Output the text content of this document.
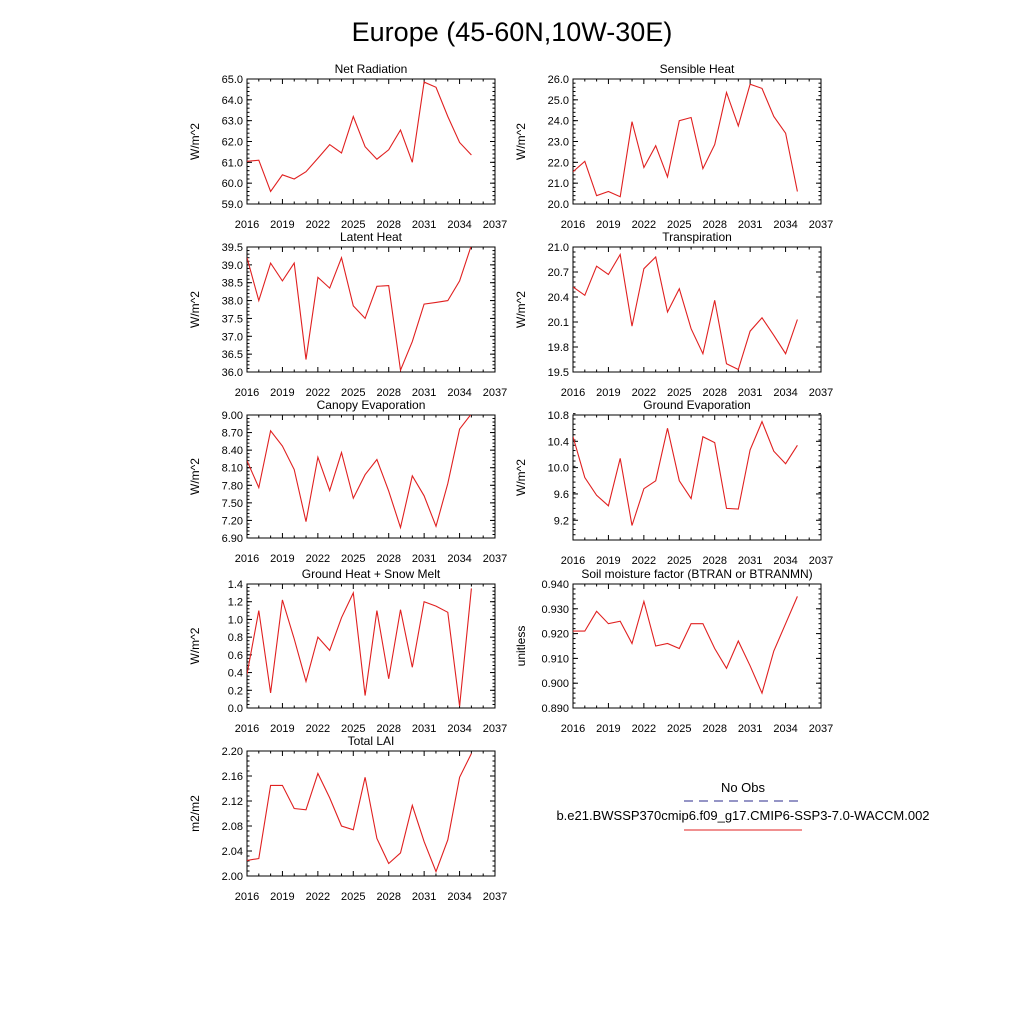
Europe (45-60N,10W-30E)
Net Radiation
2016 2019 2022 2025 2028 2031 2034 2037
59.0
60.0
61.0
62.0
63.0
64.0
65.0
W/m^2
Sensible Heat
2016 2019 2022 2025 2028 2031 2034 2037
20.0
21.0
22.0
23.0
24.0
25.0
26.0
W/m^2
Latent Heat
2016 2019 2022 2025 2028 2031 2034 2037
36.0
36.5
37.0
37.5
38.0
38.5
39.0
39.5
W/m^2
Transpiration
2016 2019 2022 2025 2028 2031 2034 2037
19.5
19.8
20.1
20.4
20.7
21.0
W/m^2
Canopy Evaporation
2016 2019 2022 2025 2028 2031 2034 2037
6.90
7.20
7.50
7.80
8.10
8.40
8.70
9.00
W/m^2
Ground Evaporation
2016 2019 2022 2025 2028 2031 2034 2037
9.2
9.6
10.0
10.4
10.8
W/m^2
Ground Heat + Snow Melt
2016 2019 2022 2025 2028 2031 2034 2037
0.0
0.2
0.4
0.6
0.8
1.0
1.2
1.4
W/m^2
Soil moisture factor (BTRAN or BTRANMN)
2016 2019 2022 2025 2028 2031 2034 2037
0.890
0.900
0.910
0.920
0.930
0.940
unitless
Total LAI
2016 2019 2022 2025 2028 2031 2034 2037
2.00
2.04
2.08
2.12
2.16
2.20
m2/m2
No Obs
b.e21.BWSSP370cmip6.f09_g17.CMIP6-SSP3-7.0-WACCM.002
